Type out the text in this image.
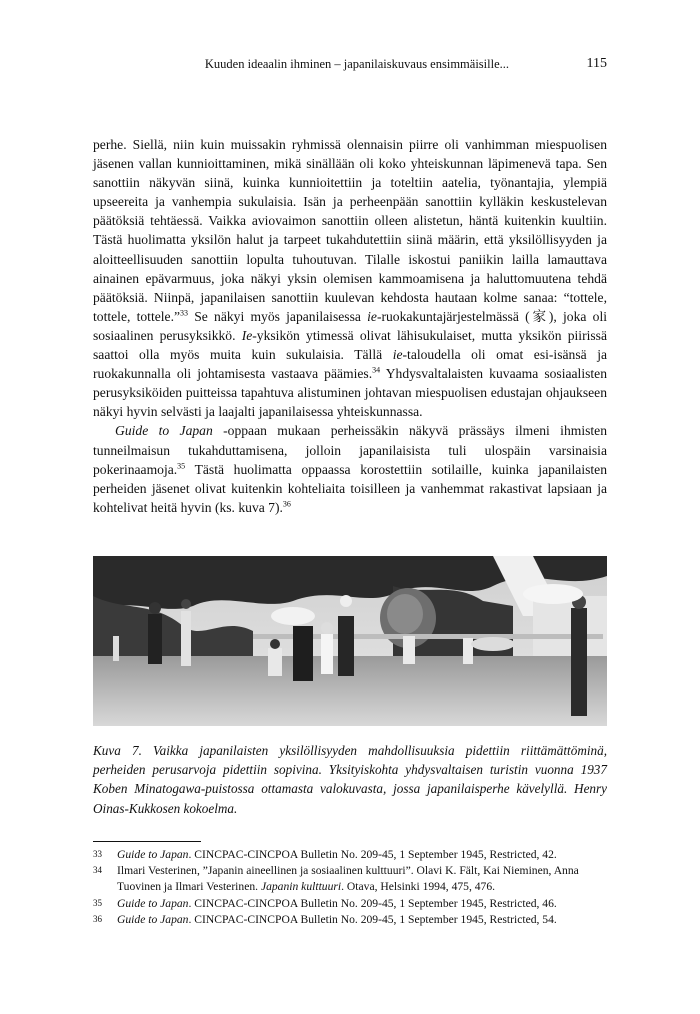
Kuuden ideaalin ihminen – japanilaiskuvaus ensimmäisille...	115

perhe. Siellä, niin kuin muissakin ryhmissä olennaisin piirre oli vanhimman miespuolisen jäsenen vallan kunnioittaminen, mikä sinällään oli koko yhteiskunnan läpimenevä tapa. Sen sanottiin näkyvän siinä, kuinka kunnioitettiin ja toteltiin aatelia, työnantajia, ylempiä upseereita ja vanhempia sukulaisia. Isän ja perheenpään sanottiin kylläkin keskustelevan päätöksiä tehtäessä. Vaikka aviovaimon sanottiin olleen alistetun, häntä kuitenkin kuultiin. Tästä huolimatta yksilön halut ja tarpeet tukahdutettiin siinä määrin, että yksilöllisyyden ja aloitteellisuuden sanottiin lopulta tuhoutuvan. Tilalle iskostui paniikin lailla lamauttava ainainen epävarmuus, joka näkyi yksin olemisen kammoamisena ja haluttomuutena tehdä päätöksiä. Niinpä, japanilaisen sanottiin kuulevan kehdosta hautaan kolme sanaa: “tottele, tottele, tottele.”$^{33}$ Se näkyi myös japanilaisessa ie-ruokakuntajärjestelmässä (家), joka oli sosiaalinen perusyksikkö. Ie-yksikön ytimessä olivat lähisukulaiset, mutta yksikön piirissä saattoi olla myös muita kuin sukulaisia. Tällä ie-taloudella oli omat esi-isänsä ja ruokakunnalla oli johtamisesta vastaava päämies.$^{34}$ Yhdysvaltalaisten kuvaama sosiaalisten perusyksiköiden puitteissa tapahtuva alistuminen johtavan miespuolisen edustajan ohjaukseen näkyi hyvin selvästi ja laajalti japanilaisessa yhteiskunnassa.

Guide to Japan -oppaan mukaan perheissäkin näkyvä prässäys ilmeni ihmisten tunneilmaisun tukahduttamisena, jolloin japanilaisista tuli ulospäin varsinaisia pokerinaamoja.$^{35}$ Tästä huolimatta oppaassa korostettiin sotilaille, kuinka japanilaisten perheiden jäsenet olivat kuitenkin kohteliaita toisilleen ja vanhemmat rakastivat lapsiaan ja kohtelivat heitä hyvin (ks. kuva 7).$^{36}$

Kuva 7. Vaikka japanilaisten yksilöllisyyden mahdollisuuksia pidettiin riittämättöminä, perheiden perusarvoja pidettiin sopivina. Yksityiskohta yhdysvaltaisen turistin vuonna 1937 Koben Minatogawa-puistossa ottamasta valokuvasta, jossa japanilaisperhe kävelyllä. Henry Oinas-Kukkosen kokoelma.
33	Guide to Japan. CINCPAC-CINCPOA Bulletin No. 209-45, 1 September 1945, Restricted, 42.
34	Ilmari Vesterinen, ”Japanin aineellinen ja sosiaalinen kulttuuri”. Olavi K. Fält, Kai Nieminen, Anna Tuovinen ja Ilmari Vesterinen. Japanin kulttuuri. Otava, Helsinki 1994, 475, 476.
35	Guide to Japan. CINCPAC-CINCPOA Bulletin No. 209-45, 1 September 1945, Restricted, 46.
36	Guide to Japan. CINCPAC-CINCPOA Bulletin No. 209-45, 1 September 1945, Restricted, 54.
